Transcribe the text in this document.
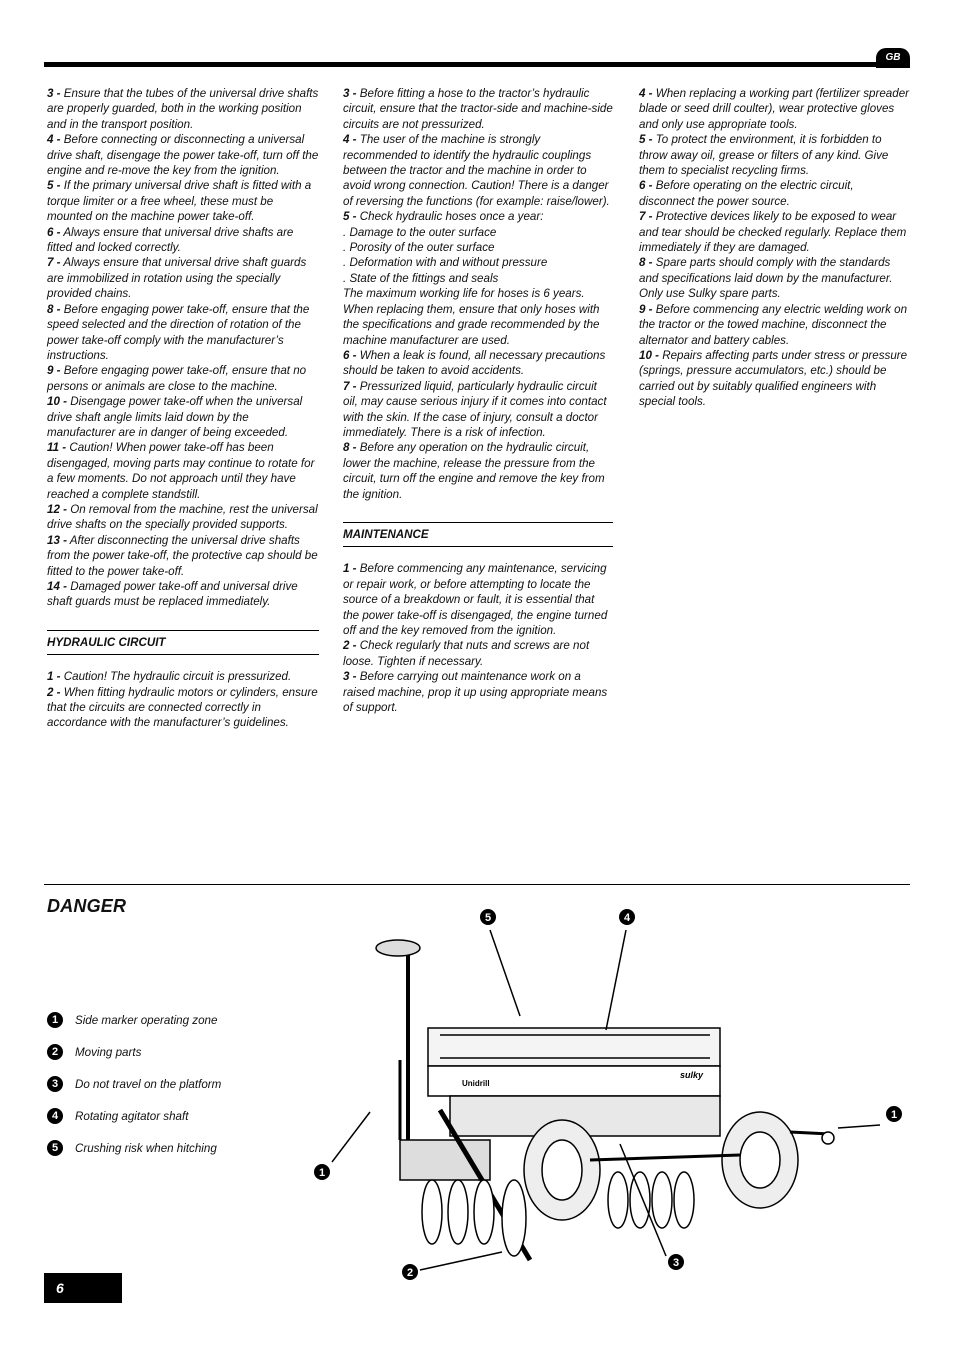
GB

3 - Ensure that the tubes of the universal drive shafts are properly guarded, both in the working position and in the transport position.

4 - Before connecting or disconnecting a universal drive shaft, disengage the power take-off, turn off the engine and re-move the key from the ignition.

5 - If the primary universal drive shaft is fitted with a torque limiter or a free wheel, these must be mounted on the machine power take-off.

6 - Always ensure that universal drive shafts are fitted and locked correctly.

7 - Always ensure that universal drive shaft guards are immobilized in rotation using the specially provided chains.

8 - Before engaging power take-off, ensure that the speed selected and the direction of rotation of the power take-off comply with the manufacturer’s instructions.

9 - Before engaging power take-off, ensure that no persons or animals are close to the machine.

10 - Disengage power take-off when the universal drive shaft angle limits laid down by the manufacturer are in danger of being exceeded.

11 - Caution! When power take-off has been disengaged, moving parts may continue to rotate for a few moments. Do not approach until they have reached a complete standstill.

12 - On removal from the machine, rest the universal drive shafts on the specially provided supports.

13 - After disconnecting the universal drive shafts from the power take-off, the protective cap should be fitted to the power take-off.

14 - Damaged power take-off and universal drive shaft guards must be replaced immediately.

HYDRAULIC CIRCUIT

1 - Caution! The hydraulic circuit is pressurized.

2 - When fitting hydraulic motors or cylinders, ensure that the circuits are connected correctly in accordance with the manufacturer’s guidelines.

3 - Before fitting a hose to the tractor’s hydraulic circuit, ensure that the tractor-side and machine-side circuits are not pressurized.

4 - The user of the machine is strongly recommended to identify the hydraulic couplings between the tractor and the machine in order to avoid wrong connection. Caution! There is a danger of reversing the functions (for example: raise/lower).

5 - Check hydraulic hoses once a year:

. Damage to the outer surface

. Porosity of the outer surface

. Deformation with and without pressure

. State of the fittings and seals

The maximum working life for hoses is 6 years. When replacing them, ensure that only hoses with the specifications and grade recommended by the machine manufacturer are used.

6 - When a leak is found, all necessary precautions should be taken to avoid accidents.

7 - Pressurized liquid, particularly hydraulic circuit oil, may cause serious injury if it comes into contact with the skin. If the case of injury, consult a doctor immediately. There is a risk of infection.

8 - Before any operation on the hydraulic circuit, lower the machine, release the pressure from the circuit, turn off the engine and remove the key from the ignition.

MAINTENANCE

1 - Before commencing any maintenance, servicing or repair work, or before attempting to locate the source of a breakdown or fault, it is essential that the power take-off is disengaged, the engine turned off and the key removed from the ignition.

2 - Check regularly that nuts and screws are not loose. Tighten if necessary.

3 - Before carrying out maintenance work on a raised machine, prop it up using appropriate means of support.

4 - When replacing a working part (fertilizer spreader blade or seed drill coulter), wear protective gloves and only use appropriate tools.

5 - To protect the environment, it is forbidden to throw away oil, grease or filters of any kind. Give them to specialist recycling firms.

6 - Before operating on the electric circuit, disconnect the power source.

7 - Protective devices likely to be exposed to wear and tear should be checked regularly. Replace them immediately if they are damaged.

8 - Spare parts should comply with the standards and specifications laid down by the manufacturer. Only use Sulky spare parts.

9 - Before commencing any electric welding work on the tractor or the towed machine, disconnect the alternator and battery cables.

10 - Repairs affecting parts under stress or pressure (springs, pressure accumulators, etc.) should be carried out by suitably qualified engineers with special tools.

DANGER
1	Side marker operating zone
2	Moving parts
3	Do not travel on the platform
4	Rotating agitator shaft
5	Crushing risk when hitching
Unidrill
sulky
5	4
1
1
2
3
6
